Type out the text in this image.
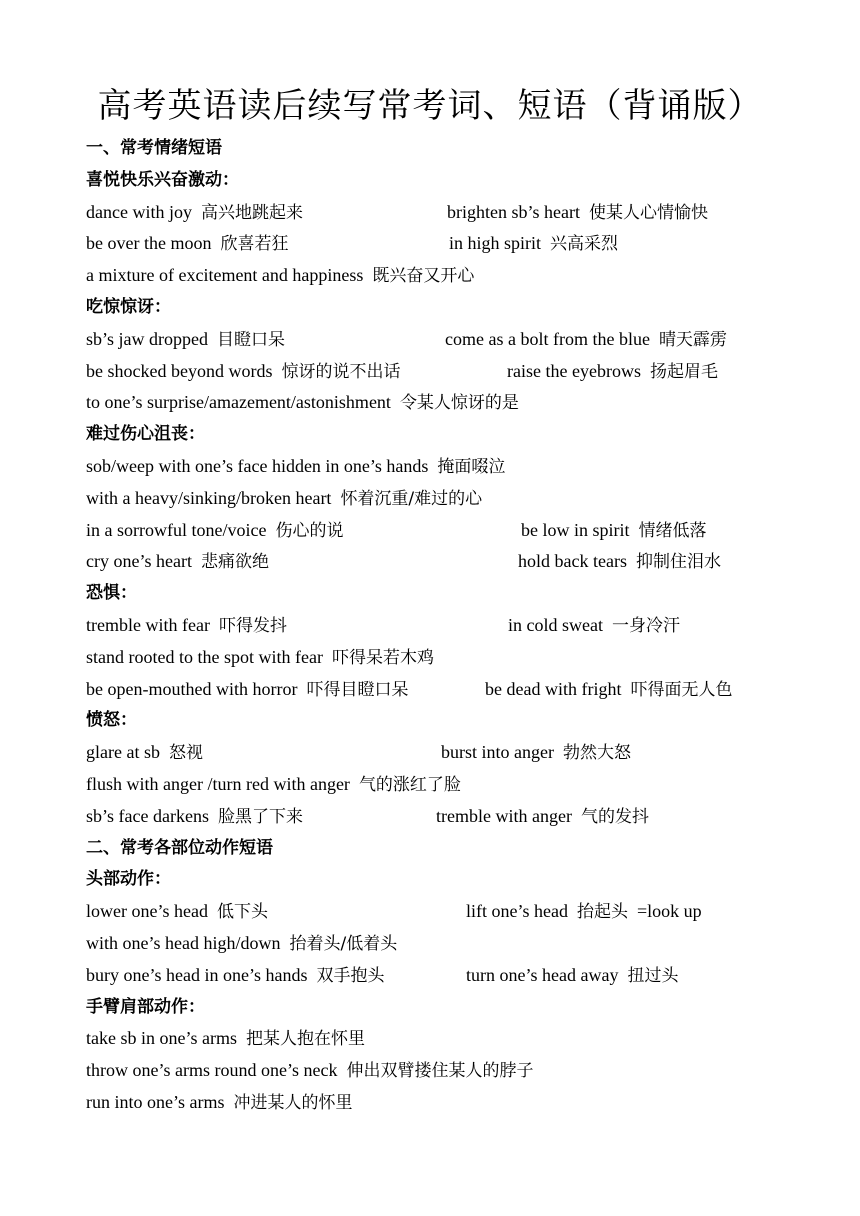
高考英语读后续写常考词、短语（背诵版）
一、常考情绪短语
喜悦快乐兴奋激动：
dance with joy 高兴地跳起来	brighten sb’s heart 使某人心情愉快
be over the moon 欣喜若狂	in high spirit 兴高采烈
a mixture of excitement and happiness 既兴奋又开心
吃惊惊讶：
sb’s jaw dropped 目瞪口呆	come as a bolt from the blue 晴天霹雳
be shocked beyond words 惊讶的说不出话	raise the eyebrows 扬起眉毛
to one’s surprise/amazement/astonishment 令某人惊讶的是
难过伤心沮丧：
sob/weep with one’s face hidden in one’s hands 掩面啜泣
with a heavy/sinking/broken heart 怀着沉重/难过的心
in a sorrowful tone/voice 伤心的说	be low in spirit 情绪低落
cry one’s heart 悲痛欲绝	hold back tears 抑制住泪水
恐惧：
tremble with fear 吓得发抖	in cold sweat 一身冷汗
stand rooted to the spot with fear 吓得呆若木鸡
be open-mouthed with horror 吓得目瞪口呆	be dead with fright 吓得面无人色
愤怒：
glare at sb 怒视	burst into anger 勃然大怒
flush with anger /turn red with anger 气的涨红了脸
sb’s face darkens 脸黑了下来	tremble with anger 气的发抖
二、常考各部位动作短语
头部动作：
lower one’s head 低下头	lift one’s head 抬起头 =look up
with one’s head high/down 抬着头/低着头
bury one’s head in one’s hands 双手抱头	turn one’s head away 扭过头
手臂肩部动作：
take sb in one’s arms 把某人抱在怀里
throw one’s arms round one’s neck 伸出双臂搂住某人的脖子
run into one’s arms 冲进某人的怀里
